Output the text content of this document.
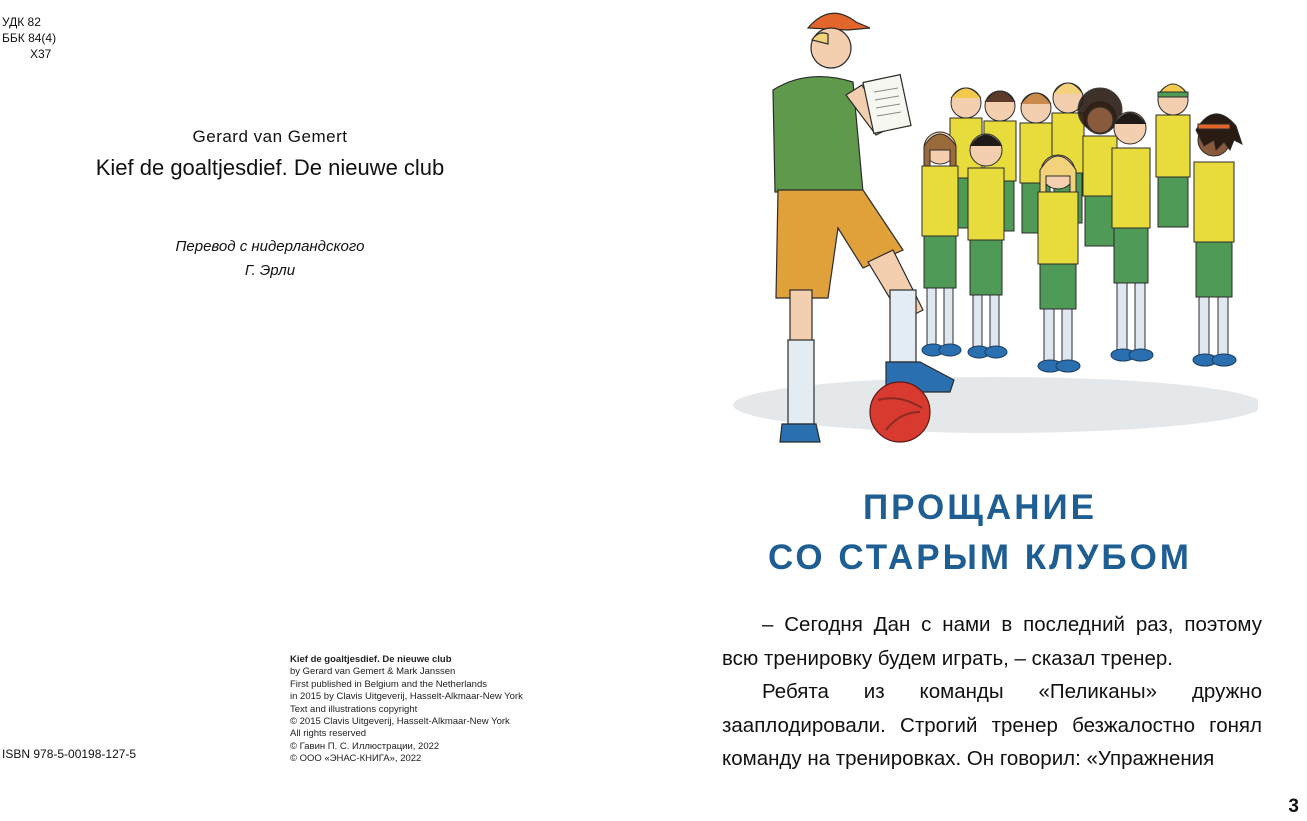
УДК 82
ББК 84(4)
Х37
Gerard van Gemert
Kief de goaltjesdief. De nieuwe club
Перевод с нидерландского
Г. Эрли
ISBN 978-5-00198-127-5
Kief de goaltjesdief. De nieuwe club
by Gerard van Gemert & Mark Janssen
First published in Belgium and the Netherlands
in 2015 by Clavis Uitgeverij, Hasselt-Alkmaar-New York
Text and illustrations copyright
© 2015 Clavis Uitgeverij, Hasselt-Alkmaar-New York
All rights reserved
© Гавин П. С. Иллюстрации, 2022
© ООО «ЭНАС-КНИГА», 2022
ПРОЩАНИЕ
СО СТАРЫМ КЛУБОМ

– Сегодня Дан с нами в последний раз, поэтому всю тренировку будем играть, – сказал тренер.

Ребята из команды «Пеликаны» дружно зааплодировали. Строгий тренер безжалостно гонял команду на тренировках. Он говорил: «Упражнения

3
